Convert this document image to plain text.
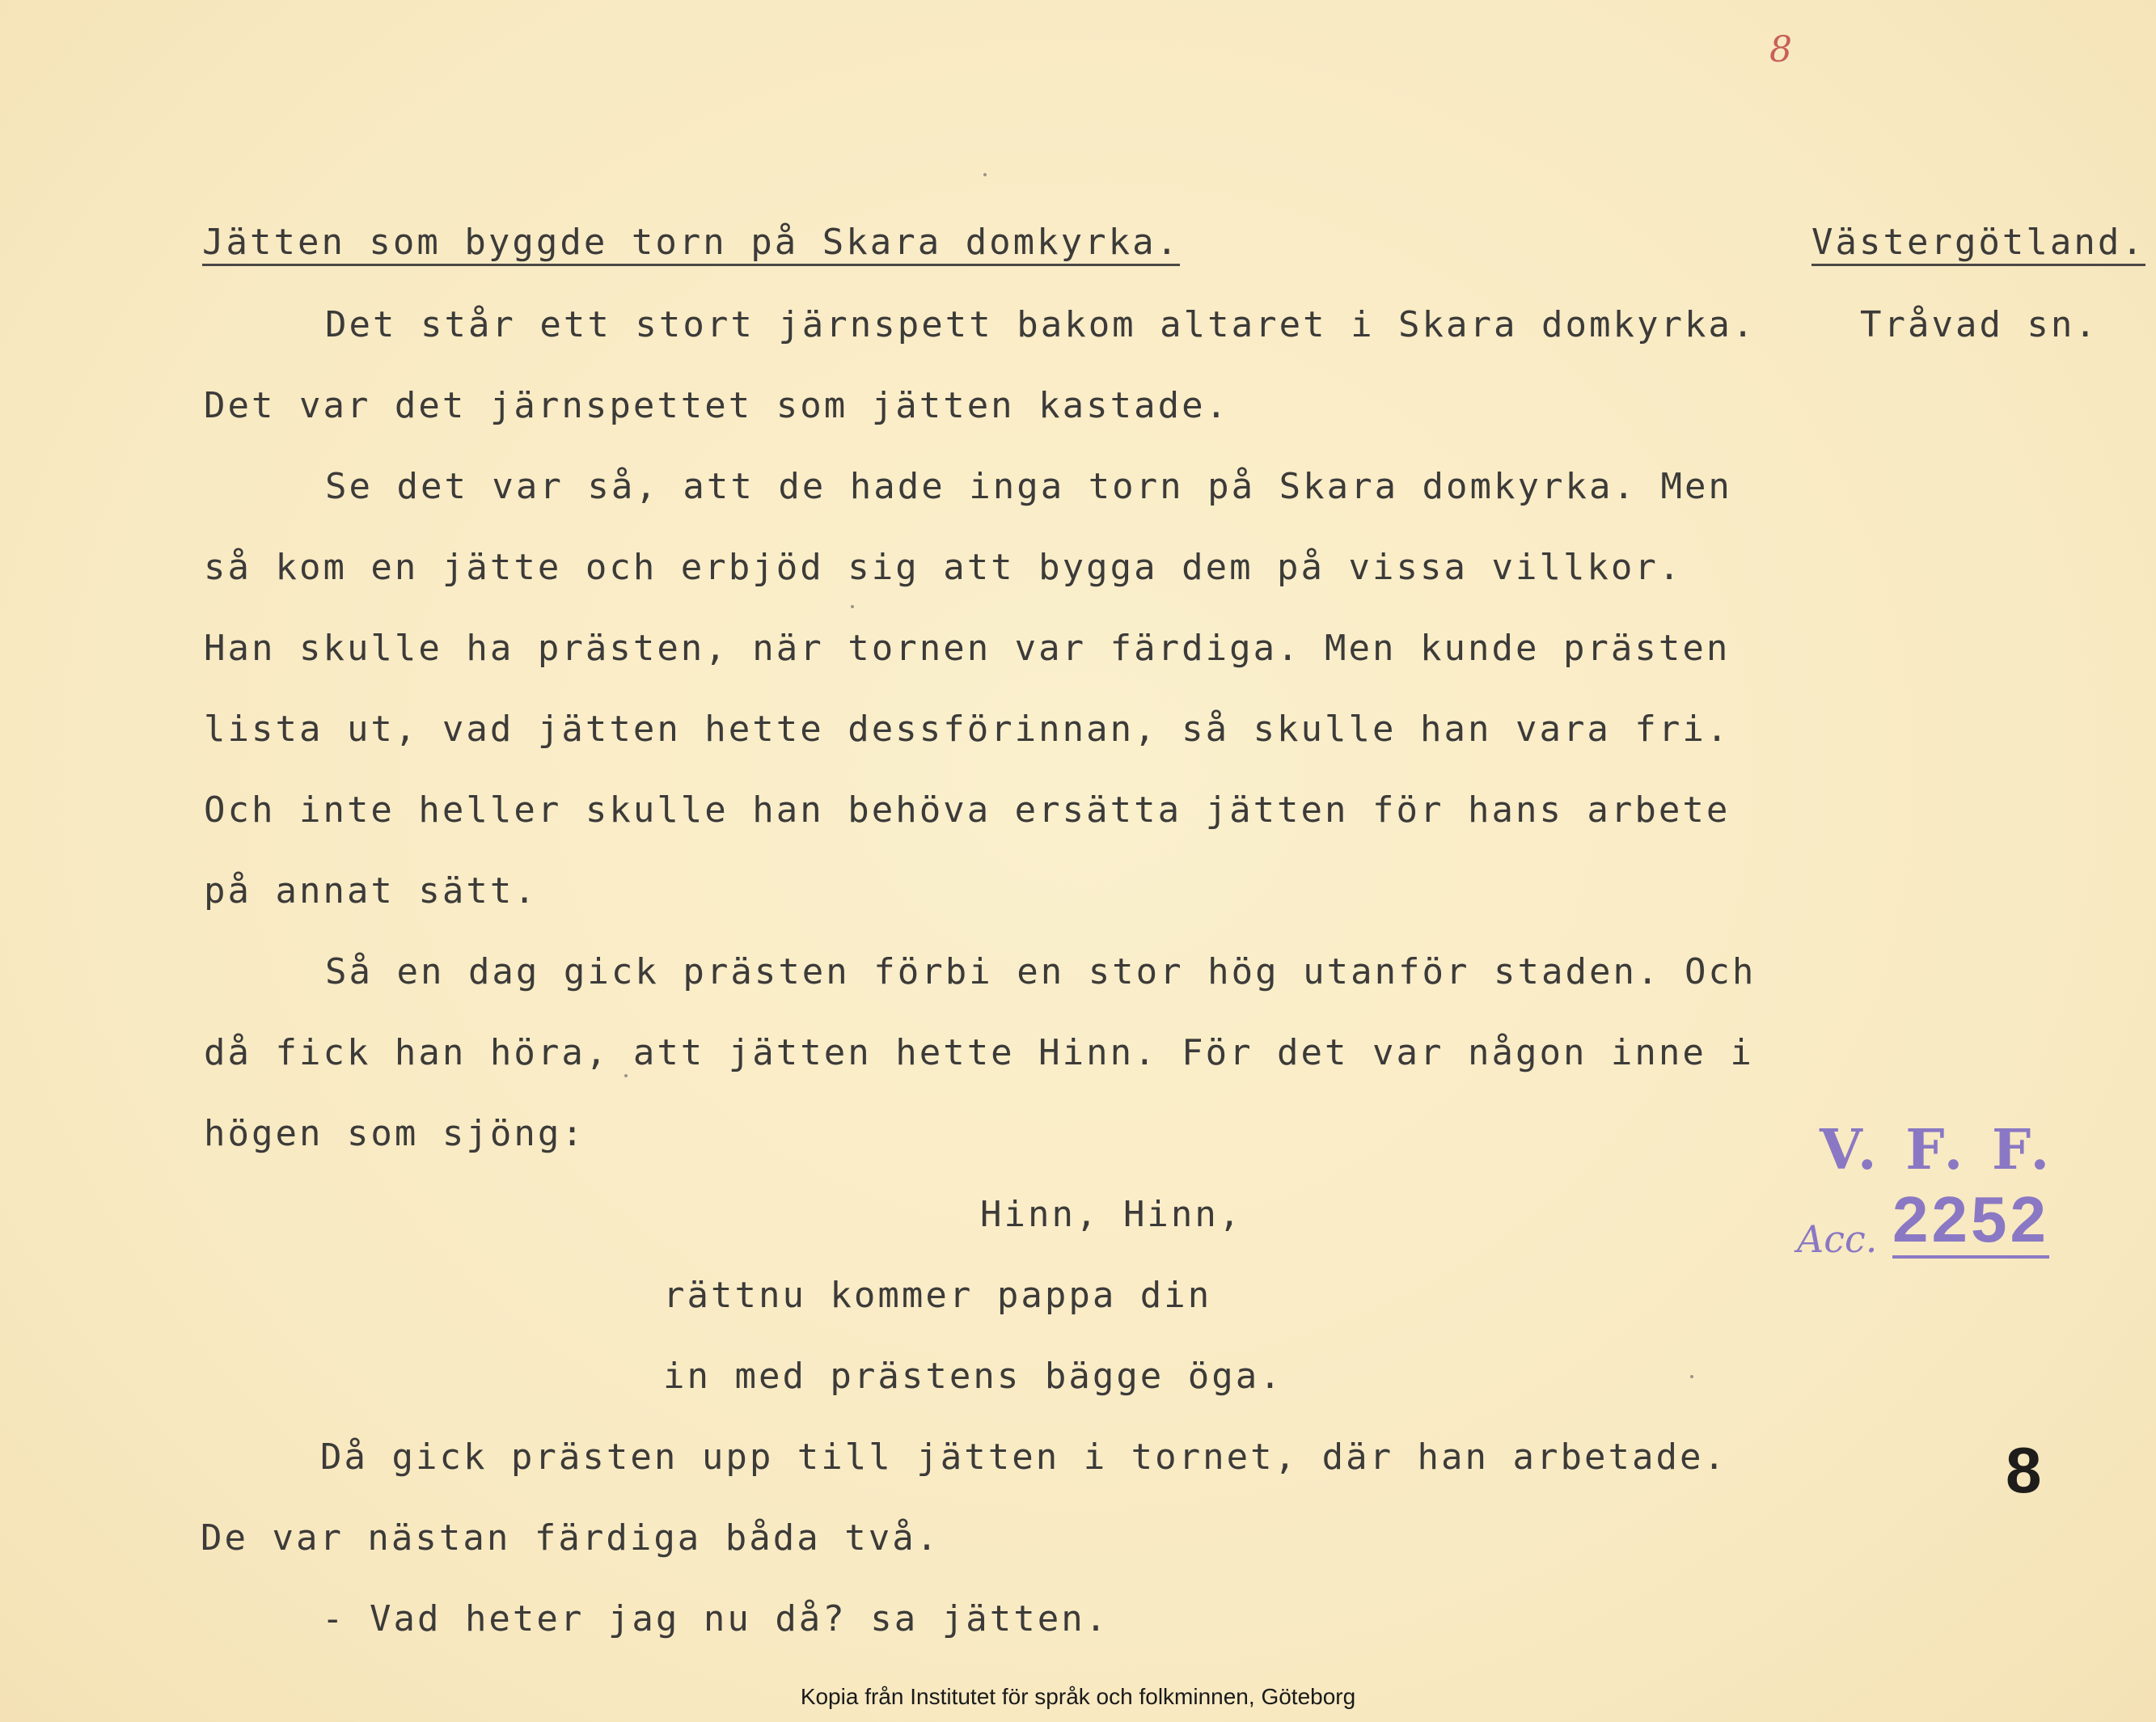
8
Jätten som byggde torn på Skara domkyrka.	Västergötland.
Tråvad sn.
Det står ett stort järnspett bakom altaret i Skara domkyrka.
Det var det järnspettet som jätten kastade.
Se det var så, att de hade inga torn på Skara domkyrka. Men
så kom en jätte och erbjöd sig att bygga dem på vissa villkor.
Han skulle ha prästen, när tornen var färdiga. Men kunde prästen
lista ut, vad jätten hette dessförinnan, så skulle han vara fri.
Och inte heller skulle han behöva ersätta jätten för hans arbete
på annat sätt.
Så en dag gick prästen förbi en stor hög utanför staden. Och
då fick han höra, att jätten hette Hinn. För det var någon inne i
högen som sjöng:
Hinn, Hinn,
rättnu kommer pappa din
in med prästens bägge öga.
Då gick prästen upp till jätten i tornet, där han arbetade.
De var nästan färdiga båda två.
- Vad heter jag nu då? sa jätten.
V. F. F.
Acc. 2252
8
Kopia från Institutet för språk och folkminnen, Göteborg
